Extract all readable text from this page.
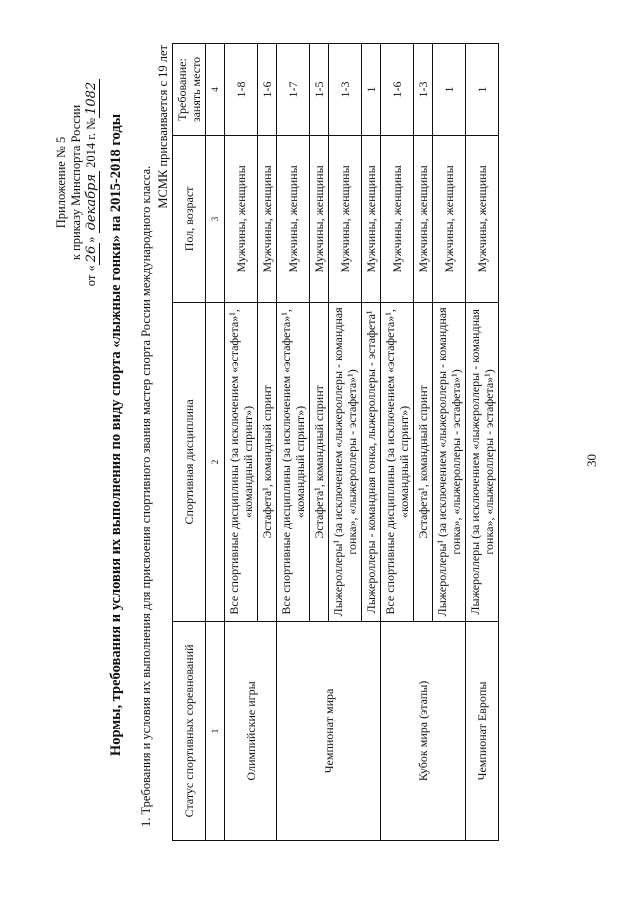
30
Приложение № 5 к приказу Минспорта России
от «26» декабря 2014 г. №1082
Нормы, требования и условия их выполнения по виду спорта «лыжные гонки» на 2015-2018 годы 1. Требования и условия их выполнения для присвоения спортивного звания мастер спорта России международного класса.
МСМК присваивается с 19 лет
Статус спортивных соревнований	Спортивная дисциплина	Пол, возраст	Требование: занять место
1	2	3	4
Олимпийские игры	Все спортивные дисциплины (за исключением «эстафета»¹, «командный спринт»)	Мужчины, женщины	1-8
	Эстафета¹, командный спринт	Мужчины, женщины	1-6
Чемпионат мира	Все спортивные дисциплины (за исключением «эстафета»¹, «командный спринт»)	Мужчины, женщины	1-7
	Эстафета¹, командный спринт	Мужчины, женщины	1-5
	Лыжероллеры¹ (за исключением «лыжероллеры - командная гонка», «лыжероллеры - эстафета»¹)	Мужчины, женщины	1-3
	Лыжероллеры - командная гонка, лыжероллеры - эстафета¹	Мужчины, женщины	1
Кубок мира (этапы)	Все спортивные дисциплины (за исключением «эстафета»¹, «командный спринт»)	Мужчины, женщины	1-6
	Эстафета¹, командный спринт	Мужчины, женщины	1-3
	Лыжероллеры¹ (за исключением «лыжероллеры - командная гонка», «лыжероллеры - эстафета»¹)	Мужчины, женщины	1
Чемпионат Европы	Лыжероллеры (за исключением «лыжероллеры - командная гонка», «лыжероллеры - эстафета»¹)	Мужчины, женщины	1
